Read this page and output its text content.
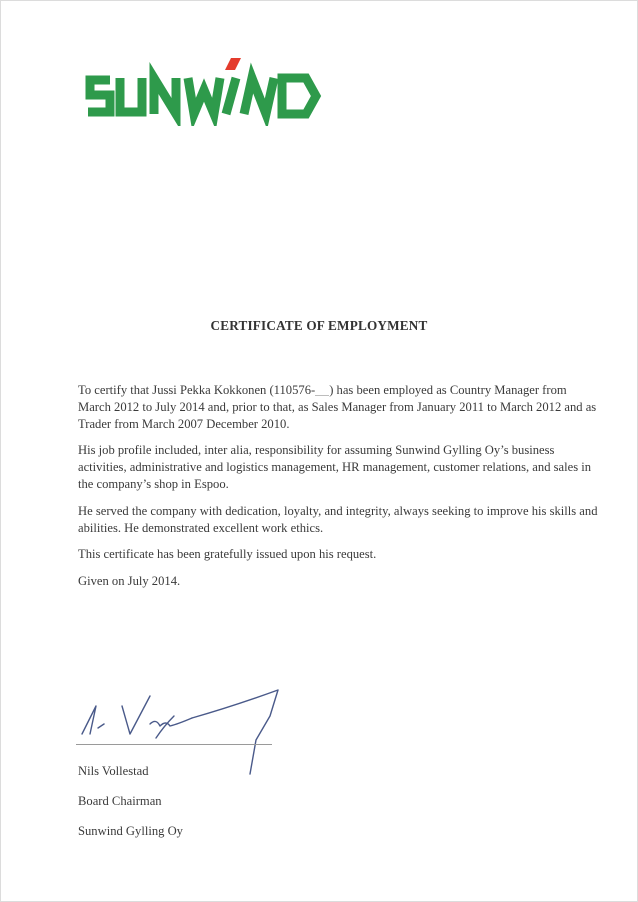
CERTIFICATE OF EMPLOYMENT

To certify that Jussi Pekka Kokkonen (110576- ) has been employed as Country Manager from March 2012 to July 2014 and, prior to that, as Sales Manager from January 2011 to March 2012 and as Trader from March 2007 December 2010.

His job profile included, inter alia, responsibility for assuming Sunwind Gylling Oy’s business activities, administrative and logistics management, HR management, customer relations, and sales in the company’s shop in Espoo.

He served the company with dedication, loyalty, and integrity, always seeking to improve his skills and abilities. He demonstrated excellent work ethics.

This certificate has been gratefully issued upon his request.

Given on July 2014.

Nils Vollestad
Board Chairman
Sunwind Gylling Oy
